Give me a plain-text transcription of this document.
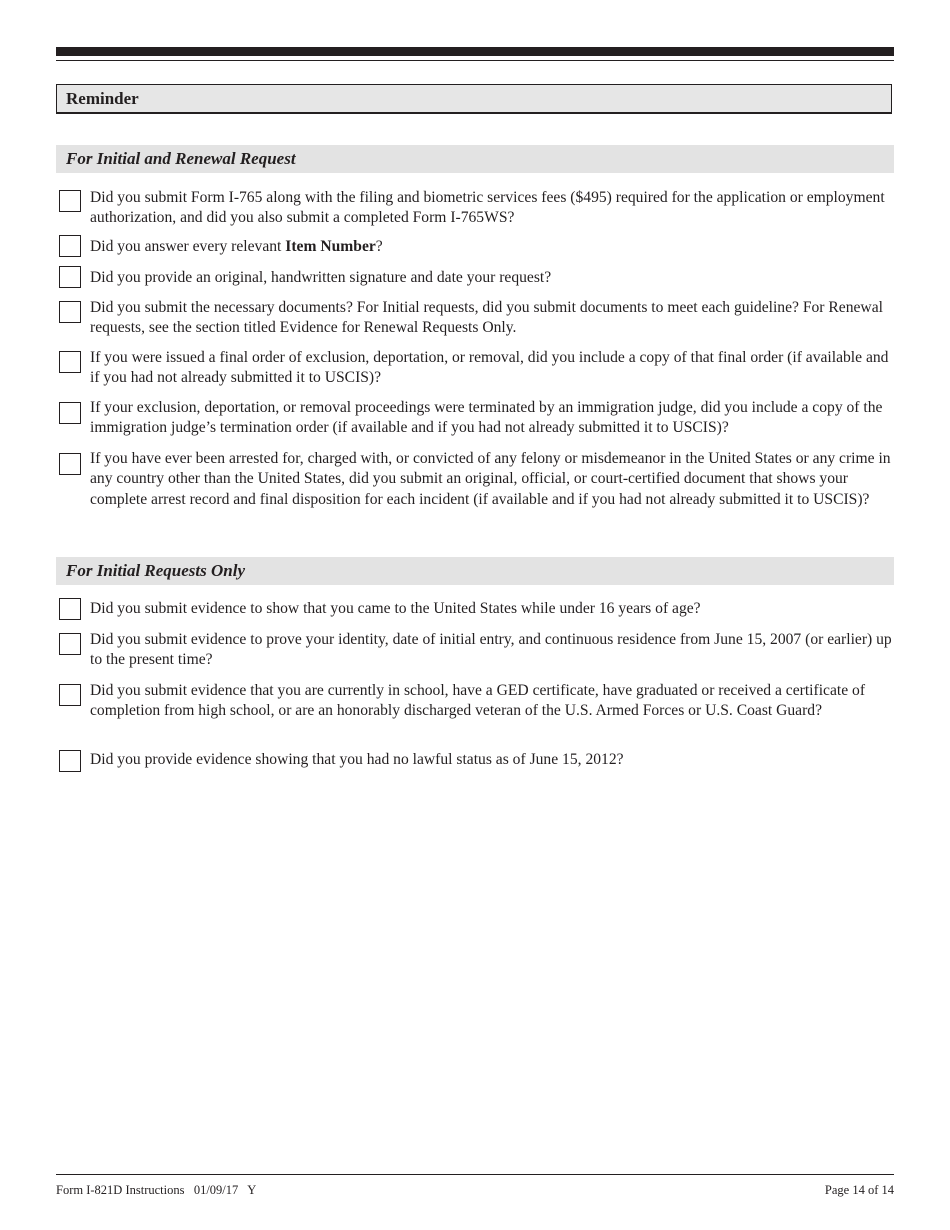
Reminder
For Initial and Renewal Request
Did you submit Form I-765 along with the filing and biometric services fees ($495) required for the application or employment authorization, and did you also submit a completed Form I-765WS?
Did you answer every relevant Item Number?
Did you provide an original, handwritten signature and date your request?
Did you submit the necessary documents? For Initial requests, did you submit documents to meet each guideline? For Renewal requests, see the section titled Evidence for Renewal Requests Only.
If you were issued a final order of exclusion, deportation, or removal, did you include a copy of that final order (if available and if you had not already submitted it to USCIS)?
If your exclusion, deportation, or removal proceedings were terminated by an immigration judge, did you include a copy of the immigration judge’s termination order (if available and if you had not already submitted it to USCIS)?
If you have ever been arrested for, charged with, or convicted of any felony or misdemeanor in the United States or any crime in any country other than the United States, did you submit an original, official, or court-certified document that shows your complete arrest record and final disposition for each incident (if available and if you had not already submitted it to USCIS)?
For Initial Requests Only
Did you submit evidence to show that you came to the United States while under 16 years of age?
Did you submit evidence to prove your identity, date of initial entry, and continuous residence from June 15, 2007 (or earlier) up to the present time?
Did you submit evidence that you are currently in school, have a GED certificate, have graduated or received a certificate of completion from high school, or are an honorably discharged veteran of the U.S. Armed Forces or U.S. Coast Guard?
Did you provide evidence showing that you had no lawful status as of June 15, 2012?
Form I-821D Instructions   01/09/17   Y	Page 14 of 14
